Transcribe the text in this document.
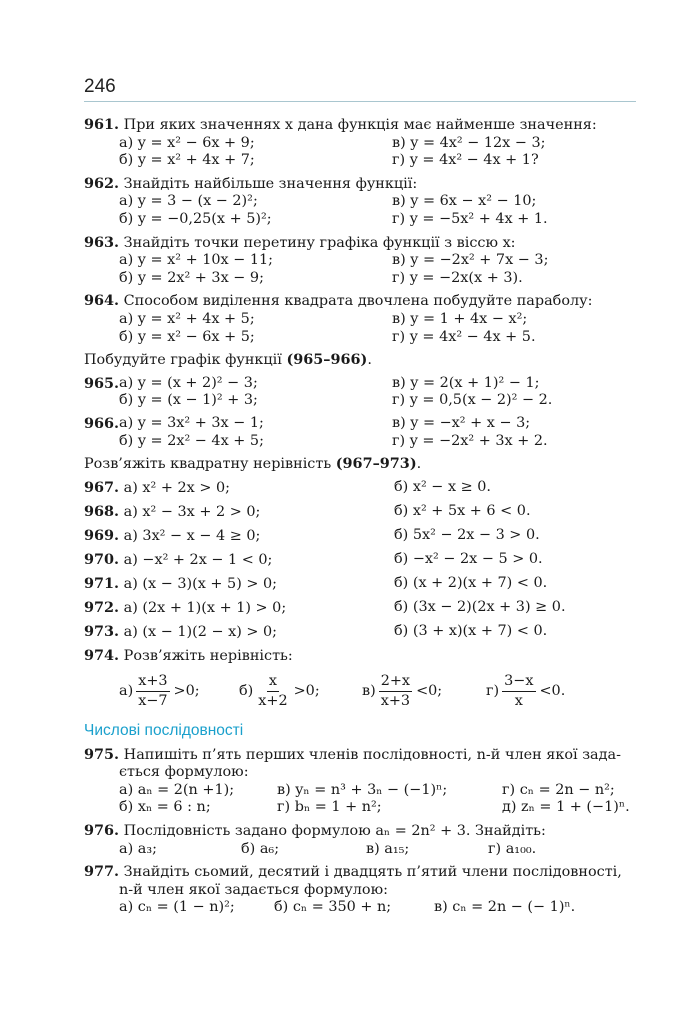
246
961. При яких значеннях x дана функція має найменше значення:
а) y = x² − 6x + 9;	в) y = 4x² − 12x − 3;
б) y = x² + 4x + 7;	г) y = 4x² − 4x + 1?
962. Знайдіть найбільше значення функції:
а) y = 3 − (x − 2)²;	в) y = 6x − x² − 10;
б) y = −0,25(x + 5)²;	г) y = −5x² + 4x + 1.
963. Знайдіть точки перетину графіка функції з віссю x:
а) y = x² + 10x − 11;	в) y = −2x² + 7x − 3;
б) y = 2x² + 3x − 9;	г) y = −2x(x + 3).
964. Способом виділення квадрата двочлена побудуйте параболу:
а) y = x² + 4x + 5;	в) y = 1 + 4x − x²;
б) y = x² − 6x + 5;	г) y = 4x² − 4x + 5.
Побудуйте графік функції (965–966).
965. а) y = (x + 2)² − 3;	в) y = 2(x + 1)² − 1;
б) y = (x − 1)² + 3;	г) y = 0,5(x − 2)² − 2.
966. а) y = 3x² + 3x − 1;	в) y = −x² + x − 3;
б) y = 2x² − 4x + 5;	г) y = −2x² + 3x + 2.
Розв’яжіть квадратну нерівність (967–973).
967. а) x² + 2x > 0;	б) x² − x ≥ 0.
968. а) x² − 3x + 2 > 0;	б) x² + 5x + 6 < 0.
969. а) 3x² − x − 4 ≥ 0;	б) 5x² − 2x − 3 > 0.
970. а) −x² + 2x − 1 < 0;	б) −x² − 2x − 5 > 0.
971. а) (x − 3)(x + 5) > 0;	б) (x + 2)(x + 7) < 0.
972. а) (2x + 1)(x + 1) > 0;	б) (3x − 2)(2x + 3) ≥ 0.
973. а) (x − 1)(2 − x) > 0;	б) (3 + x)(x + 7) < 0.
974. Розв’яжіть нерівність:
$а) \frac{x+3}{x-7} >0$;	$б) \frac{x}{x+2} >0$;	$в) \frac{2+x}{x+3} <0$;	$г) \frac{3-x}{x} <0$.
Числові послідовності
975. Напишіть п’ять перших членів послідовності, n-й член якої зада-
ється формулою:
а) aₙ = 2(n +1);	в) yₙ = n³ + 3ₙ − (−1)ⁿ;	г) cₙ = 2n − n²;
б) xₙ = 6 : n;	г) bₙ = 1 + n²;	д) zₙ = 1 + (−1)ⁿ.
976. Послідовність задано формулою aₙ = 2n² + 3. Знайдіть:
а) a₃;	б) a₆;	в) a₁₅;	г) a₁₀₀.
977. Знайдіть сьомий, десятий і двадцять п’ятий члени послідовності,
n-й член якої задається формулою:
а) cₙ = (1 − n)²;	б) cₙ = 350 + n;	в) cₙ = 2n − (− 1)ⁿ.
